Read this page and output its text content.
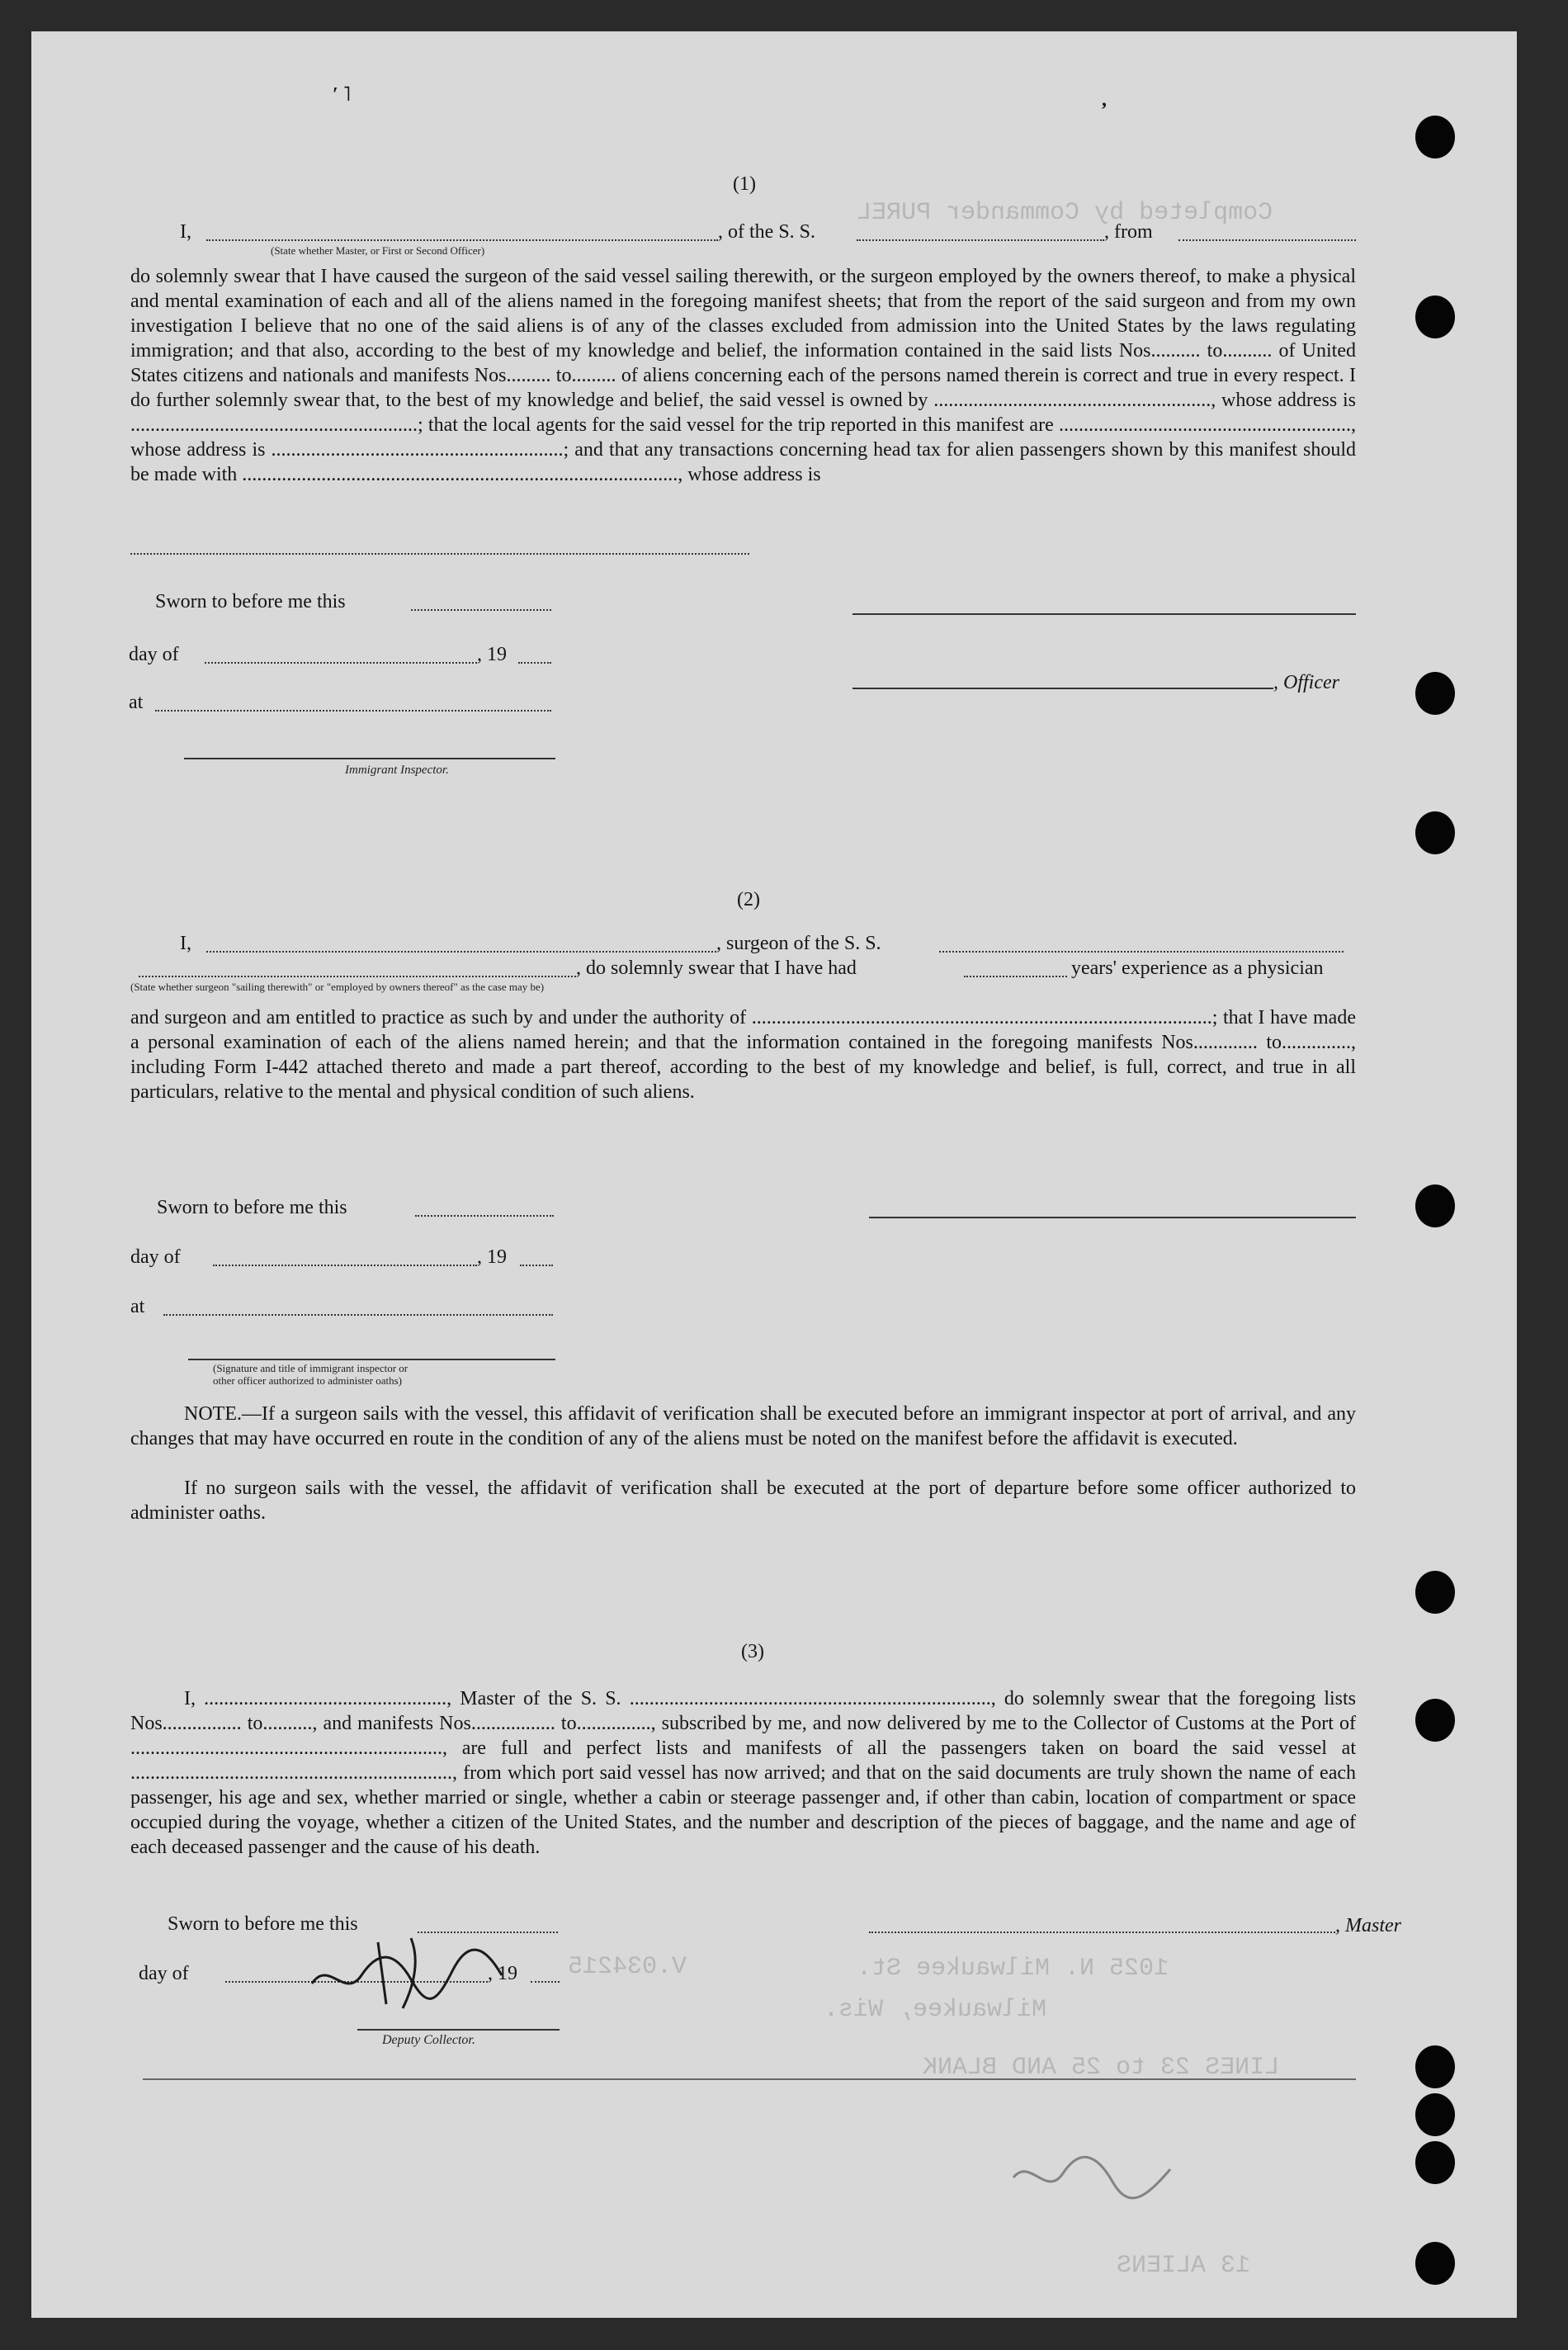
′ ˥	,
Completed by Commander PUREL
V.034215	1025 N. Milwaukee St.
Milwaukee, Wis.
LINES 23 to 25 AND BLANK
13 ALIENS
(1)
I,
(State whether Master, or First or Second Officer)
, of the S. S.	, from
do solemnly swear that I have caused the surgeon of the said vessel sailing therewith, or the surgeon employed by the owners thereof, to make a physical and mental examination of each and all of the aliens named in the foregoing manifest sheets; that from the report of the said surgeon and from my own investigation I believe that no one of the said aliens is of any of the classes excluded from admission into the United States by the laws regulating immigration; and that also, according to the best of my knowledge and belief, the information contained in the said lists Nos.......... to.......... of United States citizens and nationals and manifests Nos......... to......... of aliens concerning each of the persons named therein is correct and true in every respect. I do further solemnly swear that, to the best of my knowledge and belief, the said vessel is owned by ........................................................, whose address is ..........................................................; that the local agents for the said vessel for the trip reported in this manifest are ..........................................................., whose address is ...........................................................; and that any transactions concerning head tax for alien passengers shown by this manifest should be made with ........................................................................................, whose address is
Sworn to before me this
day of	, 19
, Officer
at
Immigrant Inspector.
(2)
I,	, surgeon of the S. S.
, do solemnly swear that I have had	years' experience as a physician
(State whether surgeon "sailing therewith" or "employed by owners thereof" as the case may be)
and surgeon and am entitled to practice as such by and under the authority of .............................................................................................; that I have made a personal examination of each of the aliens named herein; and that the information contained in the foregoing manifests Nos............. to.............., including Form I-442 attached thereto and made a part thereof, according to the best of my knowledge and belief, is full, correct, and true in all particulars, relative to the mental and physical condition of such aliens.
Sworn to before me this
day of	, 19
at
(Signature and title of immigrant inspector or
other officer authorized to administer oaths)
NOTE.—If a surgeon sails with the vessel, this affidavit of verification shall be executed before an immigrant inspector at port of arrival, and any changes that may have occurred en route in the condition of any of the aliens must be noted on the manifest before the affidavit is executed.
If no surgeon sails with the vessel, the affidavit of verification shall be executed at the port of departure before some officer authorized to administer oaths.
(3)
I, ................................................., Master of the S. S. ........................................................................., do solemnly swear that the foregoing lists Nos................ to.........., and manifests Nos................. to..............., subscribed by me, and now delivered by me to the Collector of Customs at the Port of ..............................................................., are full and perfect lists and manifests of all the passengers taken on board the said vessel at ................................................................., from which port said vessel has now arrived; and that on the said documents are truly shown the name of each passenger, his age and sex, whether married or single, whether a cabin or steerage passenger and, if other than cabin, location of compartment or space occupied during the voyage, whether a citizen of the United States, and the number and description of the pieces of baggage, and the name and age of each deceased passenger and the cause of his death.
Sworn to before me this	, Master
day of	, 19
Deputy Collector.
